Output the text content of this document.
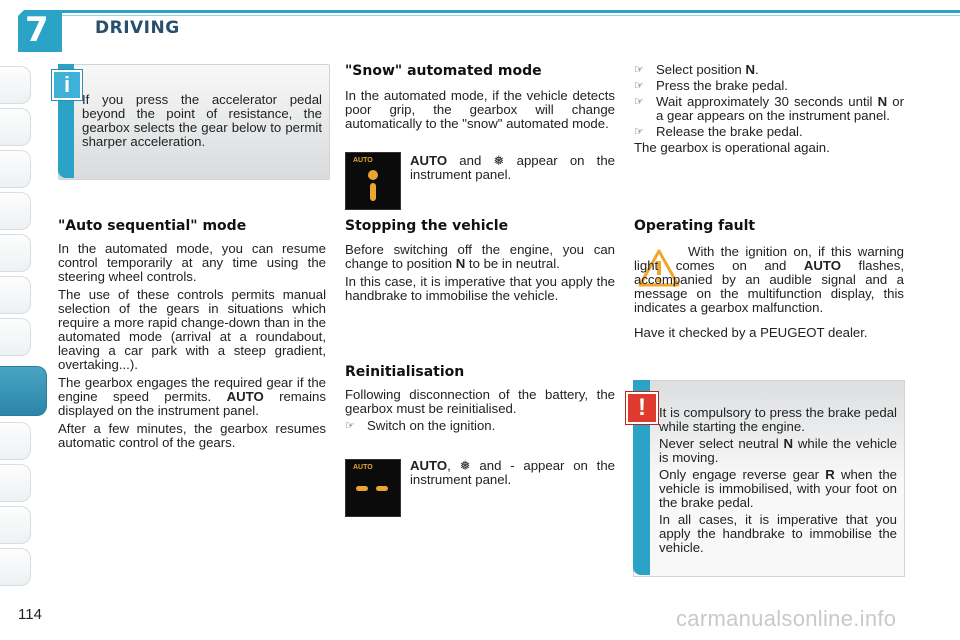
7	DRIVING
i

If you press the accelerator pedal beyond the point of resistance, the gearbox selects the gear below to permit sharper acceleration.

"Auto sequential" mode

In the automated mode, you can resume control temporarily at any time using the steering wheel controls.

The use of these controls permits manual selection of the gears in situations which require a more rapid change-down than in the automated mode (arrival at a roundabout, leaving a car park with a steep gradient, overtaking...).

The gearbox engages the required gear if the engine speed permits. AUTO remains displayed on the instrument panel.

After a few minutes, the gearbox resumes automatic control of the gears.

"Snow" automated mode

In the automated mode, if the vehicle detects poor grip, the gearbox will change automatically to the "snow" automated mode.

AUTO	AUTO and ❅ appear on the instrument panel.

Stopping the vehicle

Before switching off the engine, you can change to position N to be in neutral.

In this case, it is imperative that you apply the handbrake to immobilise the vehicle.

Reinitialisation

Following disconnection of the battery, the gearbox must be reinitialised.

☞ Switch on the ignition.
AUTO	AUTO, ❅ and - appear on the instrument panel.

☞ Select position N.
☞ Press the brake pedal.
☞ Wait approximately 30 seconds until N or a gear appears on the instrument panel.
☞ Release the brake pedal.

The gearbox is operational again.

Operating fault

With the ignition on, if this warning light comes on and AUTO flashes, accompanied by an audible signal and a message on the multifunction display, this indicates a gearbox malfunction.

Have it checked by a PEUGEOT dealer.

! It is compulsory to press the brake pedal while starting the engine.

Never select neutral N while the vehicle is moving.

Only engage reverse gear R when the vehicle is immobilised, with your foot on the brake pedal.

In all cases, it is imperative that you apply the handbrake to immobilise the vehicle.

114	carmanualsonline.info
